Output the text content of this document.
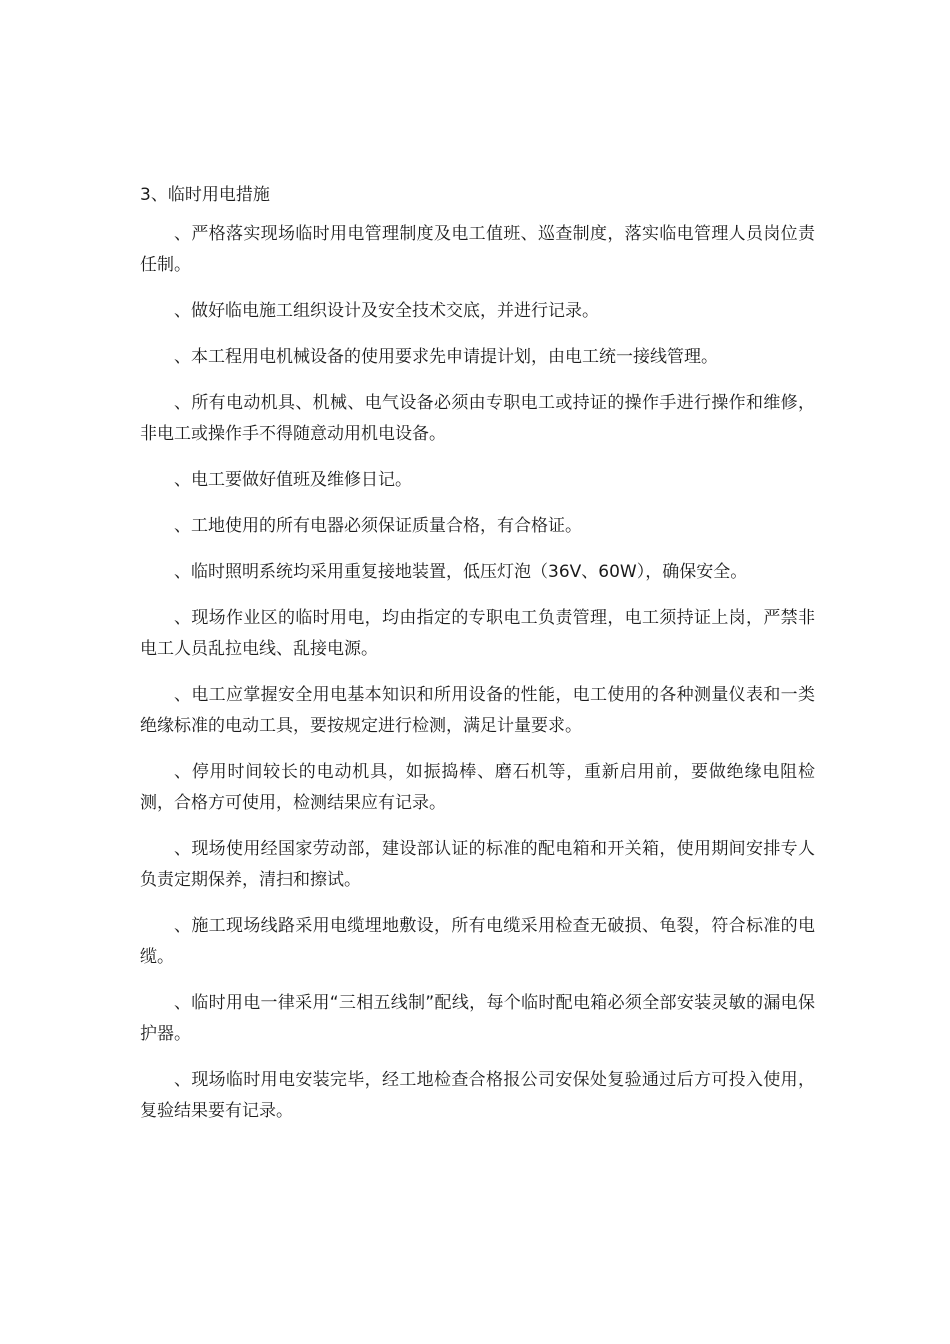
3、临时用电措施

、严格落实现场临时用电管理制度及电工值班、巡查制度，落实临电管理人员岗位责任制。

、做好临电施工组织设计及安全技术交底，并进行记录。

、本工程用电机械设备的使用要求先申请提计划，由电工统一接线管理。

、所有电动机具、机械、电气设备必须由专职电工或持证的操作手进行操作和维修，非电工或操作手不得随意动用机电设备。

、电工要做好值班及维修日记。

、工地使用的所有电器必须保证质量合格，有合格证。

、临时照明系统均采用重复接地装置，低压灯泡（36V、60W），确保安全。

、现场作业区的临时用电，均由指定的专职电工负责管理，电工须持证上岗，严禁非电工人员乱拉电线、乱接电源。

、电工应掌握安全用电基本知识和所用设备的性能，电工使用的各种测量仪表和一类绝缘标准的电动工具，要按规定进行检测，满足计量要求。

、停用时间较长的电动机具，如振捣棒、磨石机等，重新启用前，要做绝缘电阻检测，合格方可使用，检测结果应有记录。

、现场使用经国家劳动部，建设部认证的标准的配电箱和开关箱，使用期间安排专人负责定期保养，清扫和擦试。

、施工现场线路采用电缆埋地敷设，所有电缆采用检查无破损、龟裂，符合标准的电缆。

、临时用电一律采用“三相五线制”配线，每个临时配电箱必须全部安装灵敏的漏电保护器。

、现场临时用电安装完毕，经工地检查合格报公司安保处复验通过后方可投入使用，复验结果要有记录。
